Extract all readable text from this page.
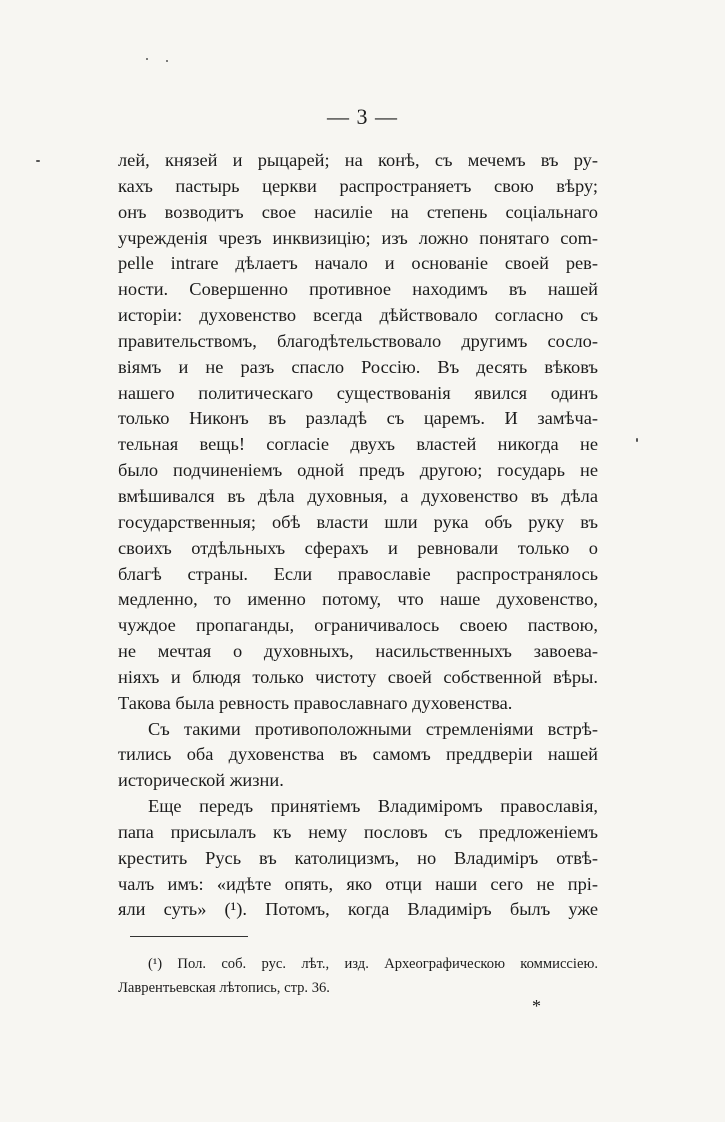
— 3 —
лей, князей и рыцарей; на конѣ, съ мечемъ въ ру-
кахъ пастырь церкви распространяетъ свою вѣру;
онъ возводитъ свое насиліе на степень соціальнаго
учрежденія чрезъ инквизицію; изъ ложно понятаго com-
pelle intrare дѣлаетъ начало и основаніе своей рев-
ности. Совершенно противное находимъ въ нашей
исторіи: духовенство всегда дѣйствовало согласно съ
правительствомъ, благодѣтельствовало другимъ сосло-
віямъ и не разъ спасло Россію. Въ десять вѣковъ
нашего политическаго существованія явился одинъ
только Никонъ въ разладѣ съ царемъ. И замѣча-
тельная вещь! согласіе двухъ властей никогда не
было подчиненіемъ одной предъ другою; государь не
вмѣшивался въ дѣла духовныя, а духовенство въ дѣла
государственныя; обѣ власти шли рука объ руку въ
своихъ отдѣльныхъ сферахъ и ревновали только о
благѣ страны. Если православіе распространялось
медленно, то именно потому, что наше духовенство,
чуждое пропаганды, ограничивалось своею паствою,
не мечтая о духовныхъ, насильственныхъ завоева-
ніяхъ и блюдя только чистоту своей собственной вѣры.
Такова была ревность православнаго духовенства.
Съ такими противоположными стремленіями встрѣ-
тились оба духовенства въ самомъ преддверіи нашей
исторической жизни.
Еще передъ принятіемъ Владиміромъ православія,
папа присылалъ къ нему пословъ съ предложеніемъ
крестить Русь въ католицизмъ, но Владиміръ отвѣ-
чалъ имъ: «идѣте опять, яко отци наши сего не прі-
яли суть» (¹). Потомъ, когда Владиміръ былъ уже
(¹) Пол. соб. рус. лѣт., изд. Археографическою коммиссiею.
Лаврентьевская лѣтопись, стр. 36.
*
